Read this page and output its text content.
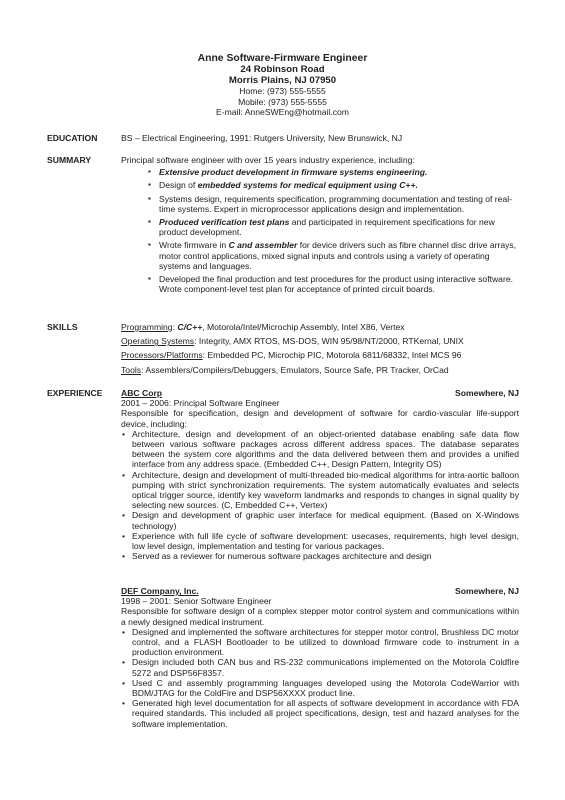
Anne Software-Firmware Engineer
24 Robinson Road
Morris Plains, NJ 07950
Home: (973) 555-5555
Mobile: (973) 555-5555
E-mail: AnneSWEng@hotmail.com
EDUCATION	BS – Electrical Engineering, 1991: Rutgers University, New Brunswick, NJ
SUMMARY	Principal software engineer with over 15 years industry experience, including:
▪ Extensive product development in firmware systems engineering.
▪ Design of embedded systems for medical equipment using C++.
▪ Systems design, requirements specification, programming documentation and testing of real-time systems. Expert in microprocessor applications design and implementation.
▪ Produced verification test plans and participated in requirement specifications for new product development.
▪ Wrote firmware in C and assembler for device drivers such as fibre channel disc drive arrays, motor control applications, mixed signal inputs and controls using a variety of operating systems and languages.
▪ Developed the final production and test procedures for the product using interactive software. Wrote component-level test plan for acceptance of printed circuit boards.
SKILLS	Programming: C/C++, Motorola/Intel/Microchip Assembly, Intel X86, Vertex
Operating Systems: Integrity, AMX RTOS, MS-DOS, WIN 95/98/NT/2000, RTKernal, UNIX
Processors/Platforms: Embedded PC, Microchip PIC, Motorola 6811/68332, Intel MCS 96
Tools: Assemblers/Compilers/Debuggers, Emulators, Source Safe, PR Tracker, OrCad
EXPERIENCE ABC Corp	Somewhere, NJ
2001 – 2006: Principal Software Engineer
Responsible for specification, design and development of software for cardio-vascular life-support device, including:
• Architecture, design and development of an object-oriented database enabling safe data flow between various software packages across different address spaces. The database separates between the system core algorithms and the data delivered between them and provides a unified interface from any address space. (Embedded C++, Design Pattern, Integrity OS)
• Architecture, design and development of multi-threaded bio-medical algorithms for intra-aortic balloon pumping with strict synchronization requirements. The system automatically evaluates and selects optical trigger source, identify key waveform landmarks and responds to changes in signal quality by selecting new sources. (C, Embedded C++, Vertex)
• Design and development of graphic user interface for medical equipment. (Based on X-Windows technology)
• Experience with full life cycle of software development: usecases, requirements, high level design, low level design, implementation and testing for various packages.
• Served as a reviewer for numerous software packages architecture and design
DEF Company, Inc.	Somewhere, NJ
1998 – 2001: Senior Software Engineer
Responsible for software design of a complex stepper motor control system and communications within a newly designed medical instrument.
• Designed and implemented the software architectures for stepper motor control, Brushless DC motor control, and a FLASH Bootloader to be utilized to download firmware code to instrument in a production environment.
• Design included both CAN bus and RS-232 communications implemented on the Motorola Coldfire 5272 and DSP56F8357.
• Used C and assembly programming languages developed using the Motorola CodeWarrior with BDM/JTAG for the ColdFire and DSP56XXXX product line.
• Generated high level documentation for all aspects of software development in accordance with FDA required standards. This included all project specifications, design, test and hazard analyses for the software implementation.
